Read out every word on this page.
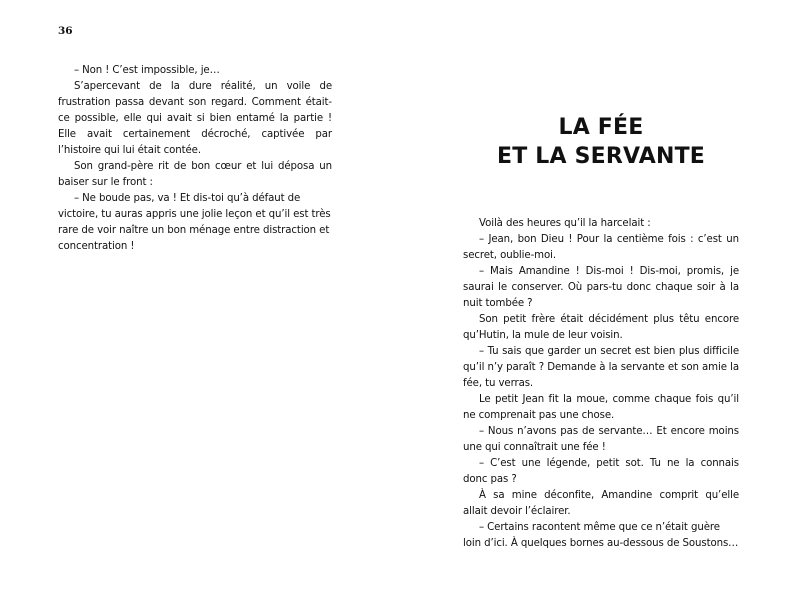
36

– Non ! C’est impossible, je…

S’apercevant de la dure réalité, un voile de frustration passa devant son regard. Comment était-ce possible, elle qui avait si bien entamé la partie ! Elle avait certainement décroché, captivée par l’histoire qui lui était contée.

Son grand-père rit de bon cœur et lui déposa un baiser sur le front :

– Ne boude pas, va ! Et dis-toi qu’à défaut de victoire, tu auras appris une jolie leçon et qu’il est très rare de voir naître un bon ménage entre distraction et concentration !

LA FÉE
ET LA SERVANTE

Voilà des heures qu’il la harcelait :

– Jean, bon Dieu ! Pour la centième fois : c’est un secret, oublie-moi.

– Mais Amandine ! Dis-moi ! Dis-moi, promis, je saurai le conserver. Où pars-tu donc chaque soir à la nuit tombée ?

Son petit frère était décidément plus têtu encore qu’Hutin, la mule de leur voisin.

– Tu sais que garder un secret est bien plus difficile qu’il n’y paraît ? Demande à la servante et son amie la fée, tu verras.

Le petit Jean fit la moue, comme chaque fois qu’il ne comprenait pas une chose.

– Nous n’avons pas de servante… Et encore moins une qui connaîtrait une fée !

– C’est une légende, petit sot. Tu ne la connais donc pas ?

À sa mine déconfite, Amandine comprit qu’elle allait devoir l’éclairer.

– Certains racontent même que ce n’était guère loin d’ici. À quelques bornes au-dessous de Soustons…
